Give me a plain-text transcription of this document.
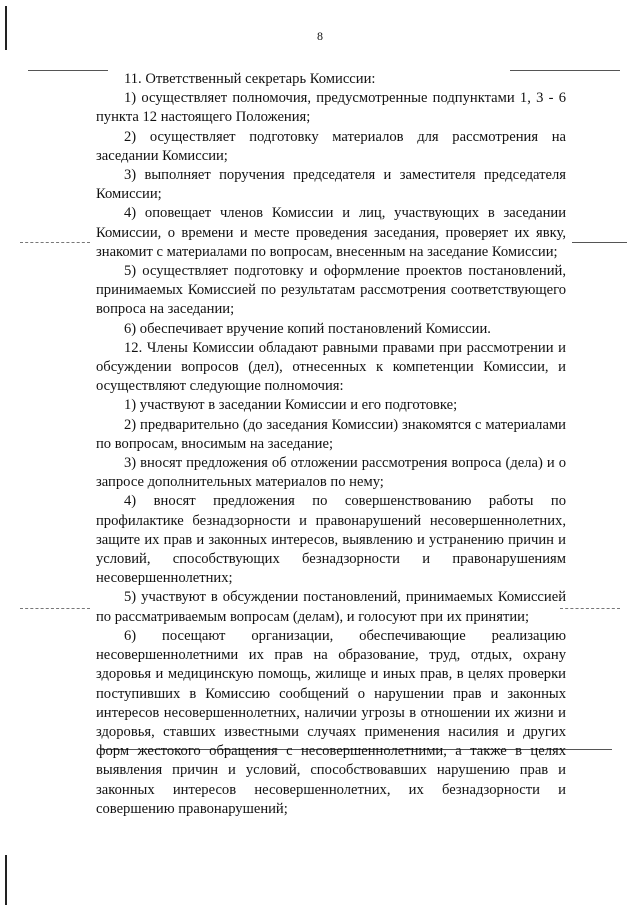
8

11. Ответственный секретарь Комиссии:

1) осуществляет полномочия, предусмотренные подпунктами 1, 3 - 6 пункта 12 настоящего Положения;

2) осуществляет подготовку материалов для рассмотрения на заседании Комиссии;

3) выполняет поручения председателя и заместителя председателя Комиссии;

4) оповещает членов Комиссии и лиц, участвующих в заседании Комиссии, о времени и месте проведения заседания, проверяет их явку, знакомит с материалами по вопросам, внесенным на заседание Комиссии;

5) осуществляет подготовку и оформление проектов постановлений, принимаемых Комиссией по результатам рассмотрения соответствующего вопроса на заседании;

6) обеспечивает вручение копий постановлений Комиссии.

12. Члены Комиссии обладают равными правами при рассмотрении и обсуждении вопросов (дел), отнесенных к компетенции Комиссии, и осуществляют следующие полномочия:

1) участвуют в заседании Комиссии и его подготовке;

2) предварительно (до заседания Комиссии) знакомятся с материалами по вопросам, вносимым на заседание;

3) вносят предложения об отложении рассмотрения вопроса (дела) и о запросе дополнительных материалов по нему;

4) вносят предложения по совершенствованию работы по профилактике безнадзорности и правонарушений несовершеннолетних, защите их прав и законных интересов, выявлению и устранению причин и условий, способствующих безнадзорности и правонарушениям несовершеннолетних;

5) участвуют в обсуждении постановлений, принимаемых Комиссией по рассматриваемым вопросам (делам), и голосуют при их принятии;

6) посещают организации, обеспечивающие реализацию несовершеннолетними их прав на образование, труд, отдых, охрану здоровья и медицинскую помощь, жилище и иных прав, в целях проверки поступивших в Комиссию сообщений о нарушении прав и законных интересов несовершеннолетних, наличии угрозы в отношении их жизни и здоровья, ставших известными случаях применения насилия и других форм жестокого обращения с несовершеннолетними, а также в целях выявления причин и условий, способствовавших нарушению прав и законных интересов несовершеннолетних, их безнадзорности и совершению правонарушений;
